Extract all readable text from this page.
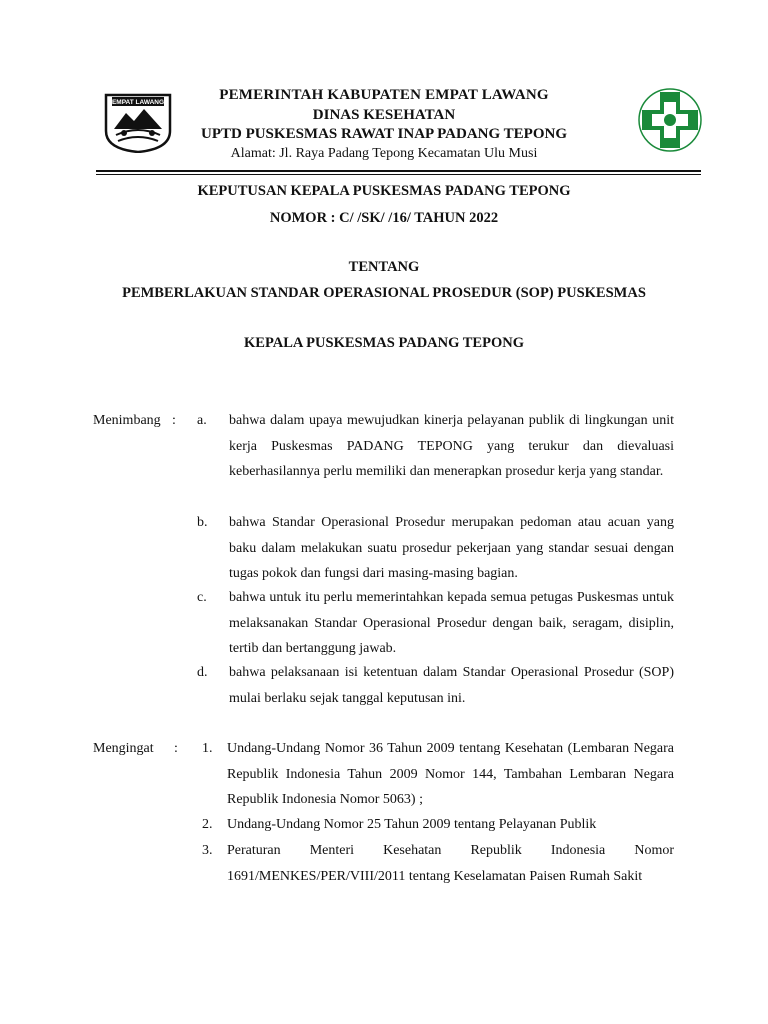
EMPAT LAWANG	PEMERINTAH KABUPATEN EMPAT LAWANG
DINAS KESEHATAN
UPTD PUSKESMAS RAWAT INAP PADANG TEPONG
Alamat: Jl. Raya Padang Tepong Kecamatan Ulu Musi
KEPUTUSAN KEPALA PUSKESMAS PADANG TEPONG
NOMOR : C/ /SK/ /16/ TAHUN 2022
TENTANG
PEMBERLAKUAN STANDAR OPERASIONAL PROSEDUR (SOP) PUSKESMAS
KEPALA PUSKESMAS PADANG TEPONG
Menimbang : a.	bahwa dalam upaya mewujudkan kinerja pelayanan publik di lingkungan unit kerja Puskesmas PADANG TEPONG yang terukur dan dievaluasi keberhasilannya perlu memiliki dan menerapkan prosedur kerja yang standar.
b.	bahwa Standar Operasional Prosedur merupakan pedoman atau acuan yang baku dalam melakukan suatu prosedur pekerjaan yang standar sesuai dengan tugas pokok dan fungsi dari masing-masing bagian.
c.	bahwa untuk itu perlu memerintahkan kepada semua petugas Puskesmas untuk melaksanakan Standar Operasional Prosedur dengan baik, seragam, disiplin, tertib dan bertanggung jawab.
d.	bahwa pelaksanaan isi ketentuan dalam Standar Operasional Prosedur (SOP) mulai berlaku sejak tanggal keputusan ini.
Mengingat : 1.	Undang-Undang Nomor 36 Tahun 2009 tentang Kesehatan (Lembaran Negara Republik Indonesia Tahun 2009 Nomor 144, Tambahan Lembaran Negara Republik Indonesia Nomor 5063) ;
2.	Undang-Undang Nomor 25 Tahun 2009 tentang Pelayanan Publik
3.	Peraturan Menteri Kesehatan Republik Indonesia Nomor 1691/MENKES/PER/VIII/2011 tentang Keselamatan Paisen Rumah Sakit
